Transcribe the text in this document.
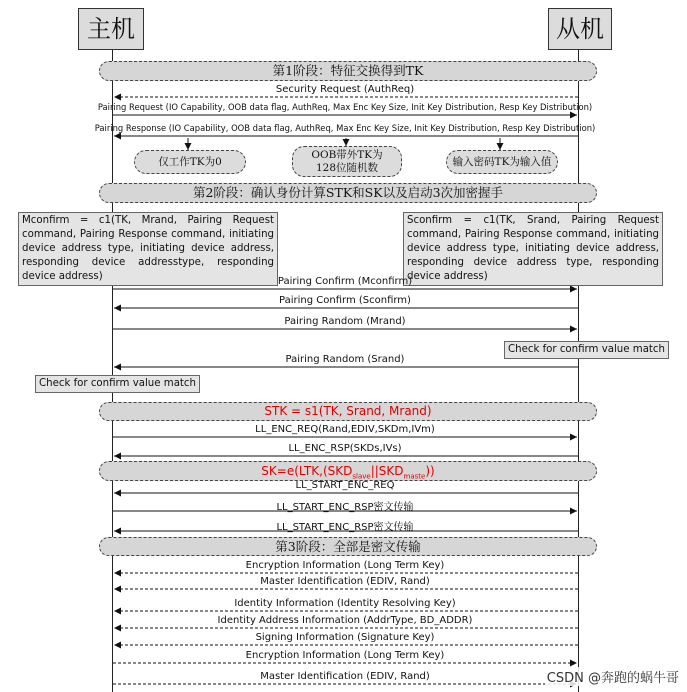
主机	从机
第1阶段：特征交换得到TK
仅工作TK为0
OOB带外TK为
128位随机数	输入密码TK为输入值
第2阶段：确认身份计算STK和SK以及启动3次加密握手
Mconfirm = c1(TK, Mrand, Pairing Request command, Pairing Response command, initiating device address type, initiating device address, responding device addresstype, responding device address)
Sconfirm = c1(TK, Srand, Pairing Request command, Pairing Response command, initiating device address type, initiating device address, responding device address type, responding device address)
Check for confirm value match
Check for confirm value match
STK = s1(TK, Srand, Mrand)
$SK=e(LTK,(SKD_{slave}||SKD_{maste}))$
第3阶段：全部是密文传输
Security Request (AuthReq)
Pairing Request (IO Capability, OOB data flag, AuthReq, Max Enc Key Size, Init Key Distribution, Resp Key Distribution)
Pairing Response (IO Capability, OOB data flag, AuthReq, Max Enc Key Size, Init Key Distribution, Resp Key Distribution)
Pairing Confirm (Mconfirm)
Pairing Confirm (Sconfirm)
Pairing Random (Mrand)
Pairing Random (Srand)
LL_ENC_REQ(Rand,EDIV,SKDm,IVm)
LL_ENC_RSP(SKDs,IVs)
LL_START_ENC_REQ
LL_START_ENC_RSP密文传输
LL_START_ENC_RSP密文传输
Encryption Information (Long Term Key)
Master Identification (EDIV, Rand)
Identity Information (Identity Resolving Key)
Identity Address Information (AddrType, BD_ADDR)
Signing Information (Signature Key)
Encryption Information (Long Term Key)
Master Identification (EDIV, Rand)	CSDN @奔跑的蜗牛哥
